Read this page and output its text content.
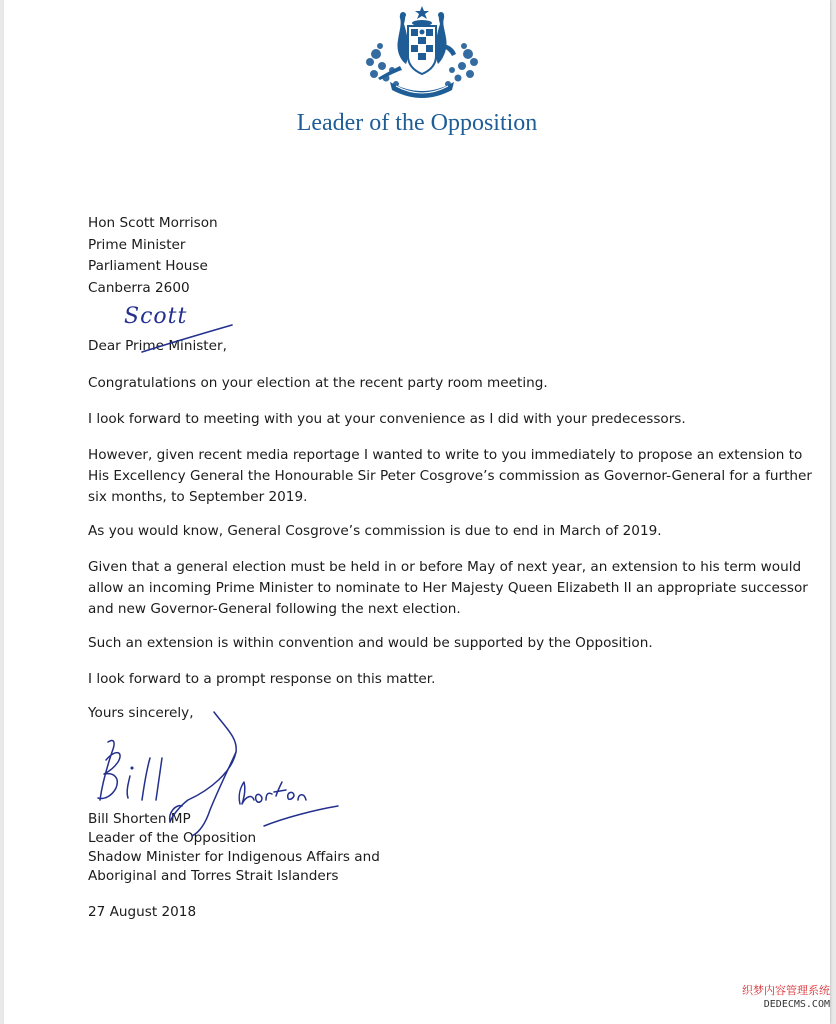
Leader of the Opposition
Hon Scott Morrison
Prime Minister
Parliament House
Canberra 2600
Dear Prime Minister,
Scott
Congratulations on your election at the recent party room meeting.
I look forward to meeting with you at your convenience as I did with your predecessors.
However, given recent media reportage I wanted to write to you immediately to propose an extension to
His Excellency General the Honourable Sir Peter Cosgrove’s commission as Governor-General for a further
six months, to September 2019.
As you would know, General Cosgrove’s commission is due to end in March of 2019.
Given that a general election must be held in or before May of next year, an extension to his term would
allow an incoming Prime Minister to nominate to Her Majesty Queen Elizabeth II an appropriate successor
and new Governor-General following the next election.
Such an extension is within convention and would be supported by the Opposition.
I look forward to a prompt response on this matter.
Yours sincerely,
Bill Shorten MP
Leader of the Opposition
Shadow Minister for Indigenous Affairs and
Aboriginal and Torres Strait Islanders
27 August 2018
织梦内容管理系统
DEDECMS.COM
